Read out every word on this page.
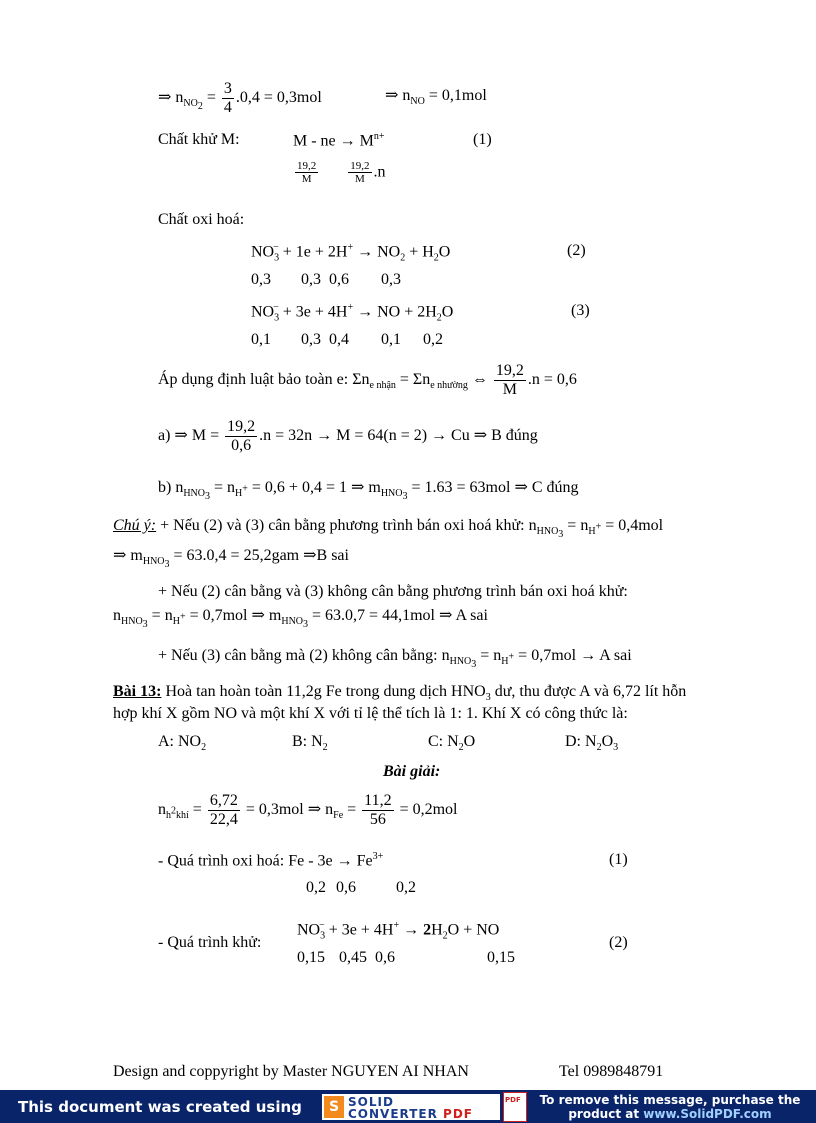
⇒ $n_{NO_2} = \frac{3}{4} .0,4 = 0,3mol$	⇒ $n_{NO} = 0,1mol$
Chất khử M:	M - ne → $M^{n+}$	(1)
$\frac{19,2}{M}$
	$\frac{19,2}{M} .n$
Chất oxi hoá:
$NO_3^- + 1e + 2H^+ \to NO_2 + H_2O$	(2)
0,3 0,3 0,6 0,3
$NO_3^- + 3e + 4H^+$ → NO + $2H_2O$	(3)
0,1 0,3 0,4 0,1 0,2
Áp dụng định luật bảo toàn e: $\Sigma n_{e nhận} = \Sigma n_{e nhường}$ ⇔ $\frac{19,2}{M} .n = 0,6$
a) ⇒ $M = \frac{19,2}{0,6} .n = 32n \to M = 64(n = 2) \to Cu$ ⇒ B đúng
b) $n_{HNO_3} = n_{H^+} = 0,6 + 0,4 = 1$ ⇒ $m_{HNO_3} = 1.63 = 63mol$ ⇒ C đúng
Chú ý: + Nếu (2) và (3) cân bằng phương trình bán oxi hoá khử: $n_{HNO_3} = n_{H^+} = 0,4mol$
⇒ $m_{HNO_3} = 63.0,4 = 25,2gam$ ⇒B sai
+ Nếu (2) cân bằng và (3) không cân bằng phương trình bán oxi hoá khử:
$n_{HNO_3} = n_{H^+} = 0,7mol$ ⇒ $m_{HNO_3} = 63.0,7 = 44,1mol$ ⇒ A sai
+ Nếu (3) cân bằng mà (2) không cân bằng: $n_{HNO_3} = n_{H^+} = 0,7mol \to A$ sai
Bài 13: Hoà tan hoàn toàn 11,2g Fe trong dung dịch $HNO_3$ dư, thu được A và 6,72 lít hỗn
hợp khí X gồm NO và một khí X với tỉ lệ thể tích là 1: 1. Khí X có công thức là:
A: $NO_2$	B: $N_2$	C: $N_2O$	D: $N_2O_3$
Bài giải:
$n_{h^2khí} = \frac{6,72}{22,4} = 0,3mol$ ⇒ $n_{Fe} = \frac{11,2}{56} = 0,2mol$
- Quá trình oxi hoá: $Fe - 3e \to Fe^{3+}$	(1)
0,2 0,6	0,2
- Quá trình khử:
$NO_3^- + 3e + 4H^+ \to 2H_2O$ + NO
(2)
0,15 0,45 0,6	0,15
Design and coppyright by Master NGUYEN AI NHAN	Tel 0989848791
This document was created using	S SOLID
CONVERTER PDF
PDF	To remove this message, purchase the
product at www.SolidPDF.com
